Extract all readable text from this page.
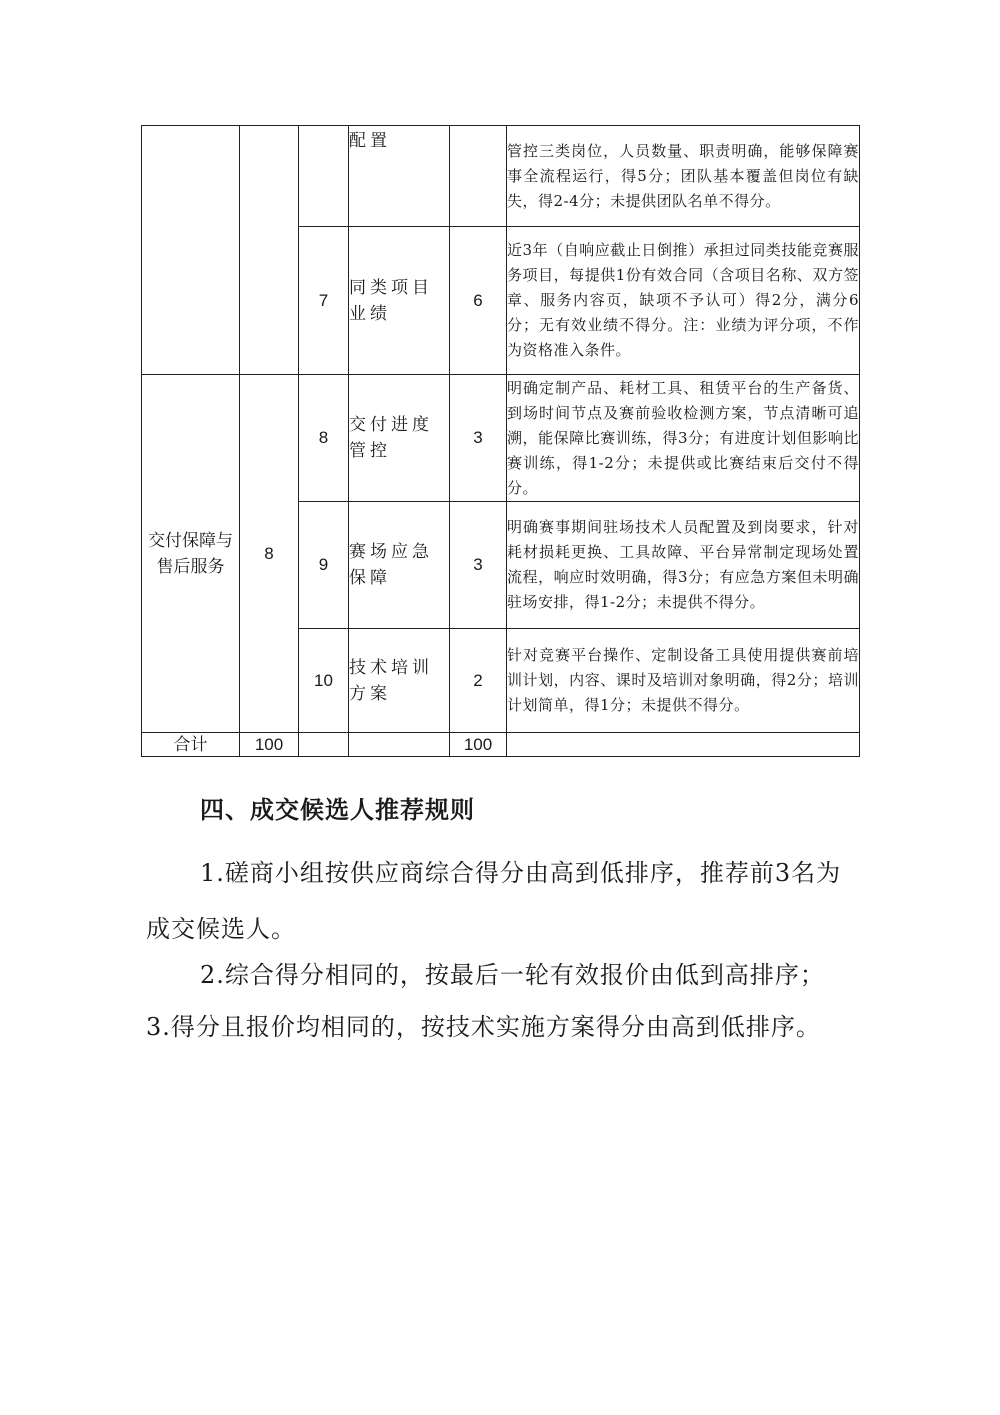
			配置		管控三类岗位，人员数量、职责明确，能够保障赛事全流程运行，得5分；团队基本覆盖但岗位有缺失，得2-4分；未提供团队名单不得分。
		7	同类项目业绩	6	近3年（自响应截止日倒推）承担过同类技能竞赛服务项目，每提供1份有效合同（含项目名称、双方签章、服务内容页，缺项不予认可）得2分，满分6分；无有效业绩不得分。注：业绩为评分项，不作为资格准入条件。
交付保障与售后服务	8	8	交付进度管控	3	明确定制产品、耗材工具、租赁平台的生产备货、到场时间节点及赛前验收检测方案，节点清晰可追溯，能保障比赛训练，得3分；有进度计划但影响比赛训练，得1-2分；未提供或比赛结束后交付不得分。
		9	赛场应急保障	3	明确赛事期间驻场技术人员配置及到岗要求，针对耗材损耗更换、工具故障、平台异常制定现场处置流程，响应时效明确，得3分；有应急方案但未明确驻场安排，得1-2分；未提供不得分。
		10	技术培训方案	2	针对竞赛平台操作、定制设备工具使用提供赛前培训计划，内容、课时及培训对象明确，得2分；培训计划简单，得1分；未提供不得分。
合计	100			100	
四、成交候选人推荐规则
1.磋商小组按供应商综合得分由高到低排序，推荐前3名为成交候选人。
2.综合得分相同的，按最后一轮有效报价由低到高排序；
3.得分且报价均相同的，按技术实施方案得分由高到低排序。
